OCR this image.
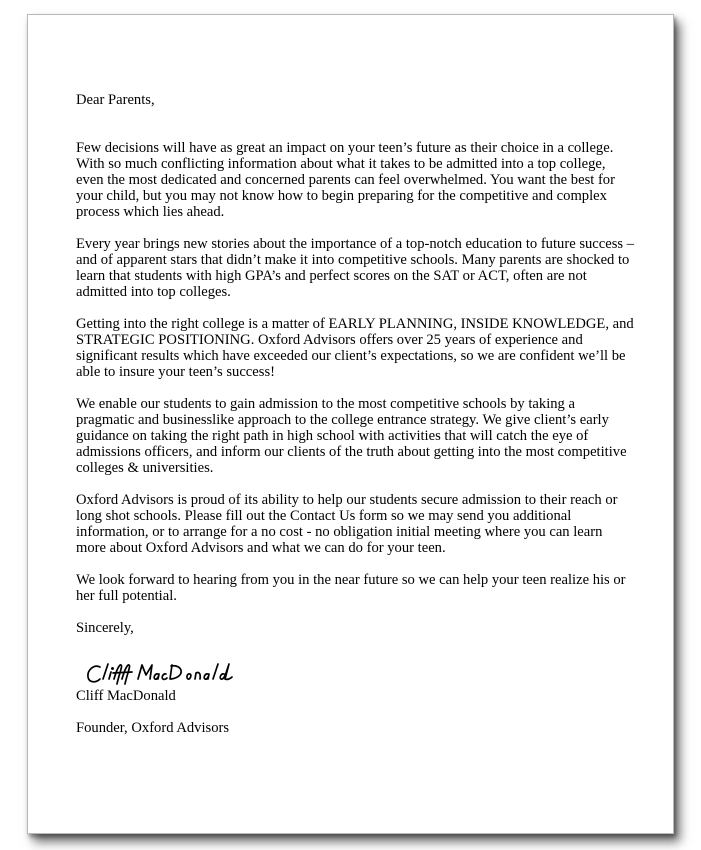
Dear Parents,

Few decisions will have as great an impact on your teen’s future as their choice in a college. With so much conflicting information about what it takes to be admitted into a top college, even the most dedicated and concerned parents can feel overwhelmed. You want the best for your child, but you may not know how to begin preparing for the competitive and complex process which lies ahead.

Every year brings new stories about the importance of a top-notch education to future success – and of apparent stars that didn’t make it into competitive schools. Many parents are shocked to learn that students with high GPA’s and perfect scores on the SAT or ACT, often are not admitted into top colleges.

Getting into the right college is a matter of EARLY PLANNING, INSIDE KNOWLEDGE, and STRATEGIC POSITIONING. Oxford Advisors offers over 25 years of experience and significant results which have exceeded our client’s expectations, so we are confident we’ll be able to insure your teen’s success!

We enable our students to gain admission to the most competitive schools by taking a pragmatic and businesslike approach to the college entrance strategy. We give client’s early guidance on taking the right path in high school with activities that will catch the eye of admissions officers, and inform our clients of the truth about getting into the most competitive colleges & universities.

Oxford Advisors is proud of its ability to help our students secure admission to their reach or long shot schools. Please fill out the Contact Us form so we may send you additional information, or to arrange for a no cost - no obligation initial meeting where you can learn more about Oxford Advisors and what we can do for your teen.

We look forward to hearing from you in the near future so we can help your teen realize his or her full potential.

Sincerely,

Cliff MacDonald

Founder, Oxford Advisors
